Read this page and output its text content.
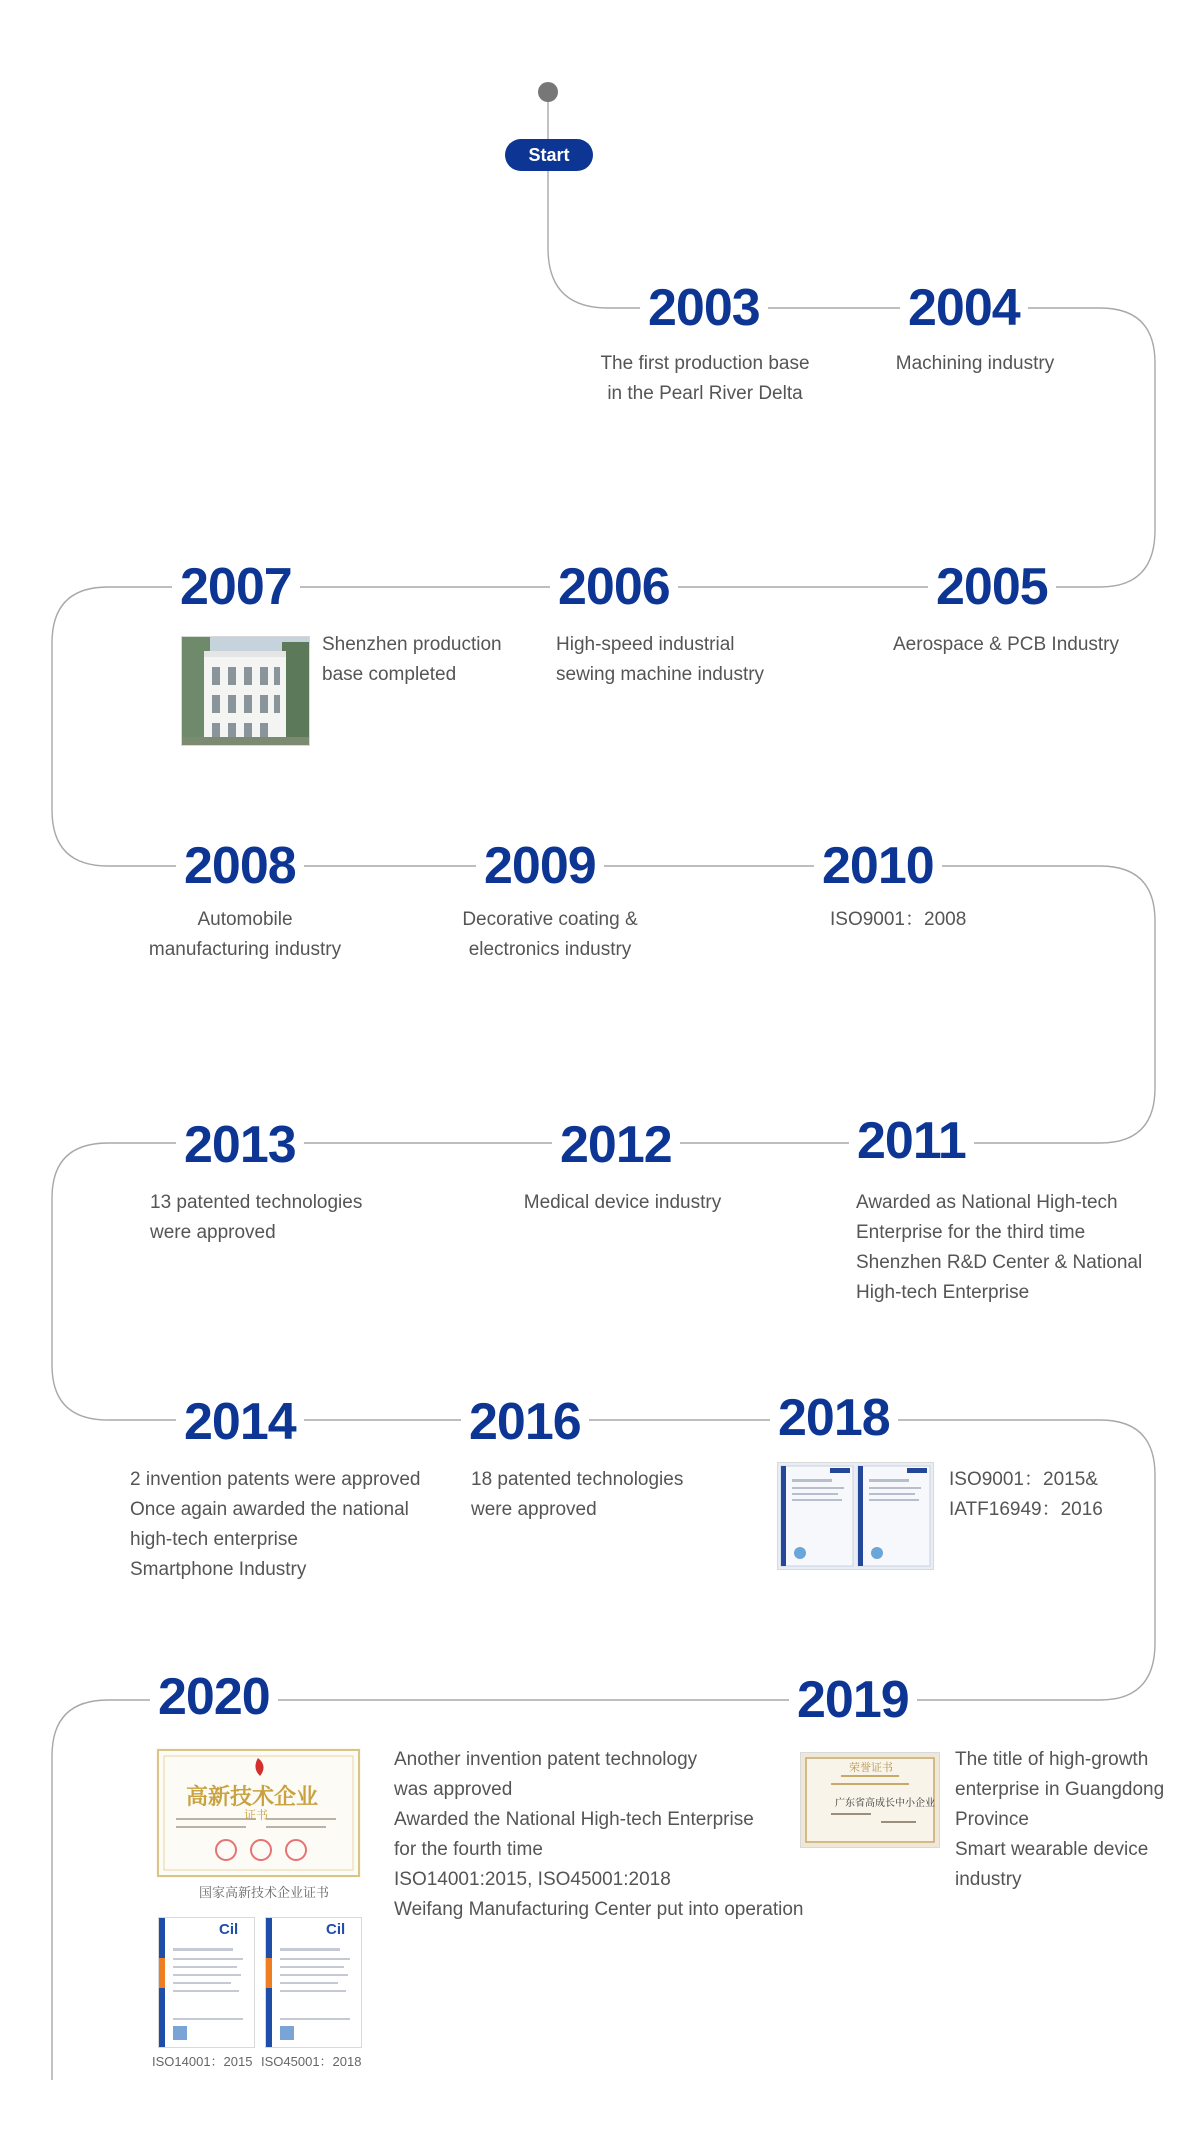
Start
2003
The first production base
in the Pearl River Delta
2004
Machining industry
2005
Aerospace & PCB Industry
2006
High-speed industrial
sewing machine industry
2007
Shenzhen production
base completed
2008
Automobile
manufacturing industry
2009
Decorative coating &
electronics industry
2010
ISO9001：2008
2011
Awarded as National High-tech
Enterprise for the third time
Shenzhen R&D Center & National
High-tech Enterprise
2012
Medical device industry
2013
13 patented technologies
were approved
2014
2 invention patents were approved
Once again awarded the national
high-tech enterprise
Smartphone Industry
2016
18 patented technologies
were approved
2018
ISO9001：2015&
IATF16949：2016
2019
荣誉证书
广东省高成长中小企业
The title of high-growth
enterprise in Guangdong
Province
Smart wearable device
industry
2020
高新技术企业
证书
国家高新技术企业证书
Cil	Cil
ISO14001：2015 ISO45001：2018
Another invention patent technology
was approved
Awarded the National High-tech Enterprise
for the fourth time
ISO14001:2015, ISO45001:2018
Weifang Manufacturing Center put into operation
